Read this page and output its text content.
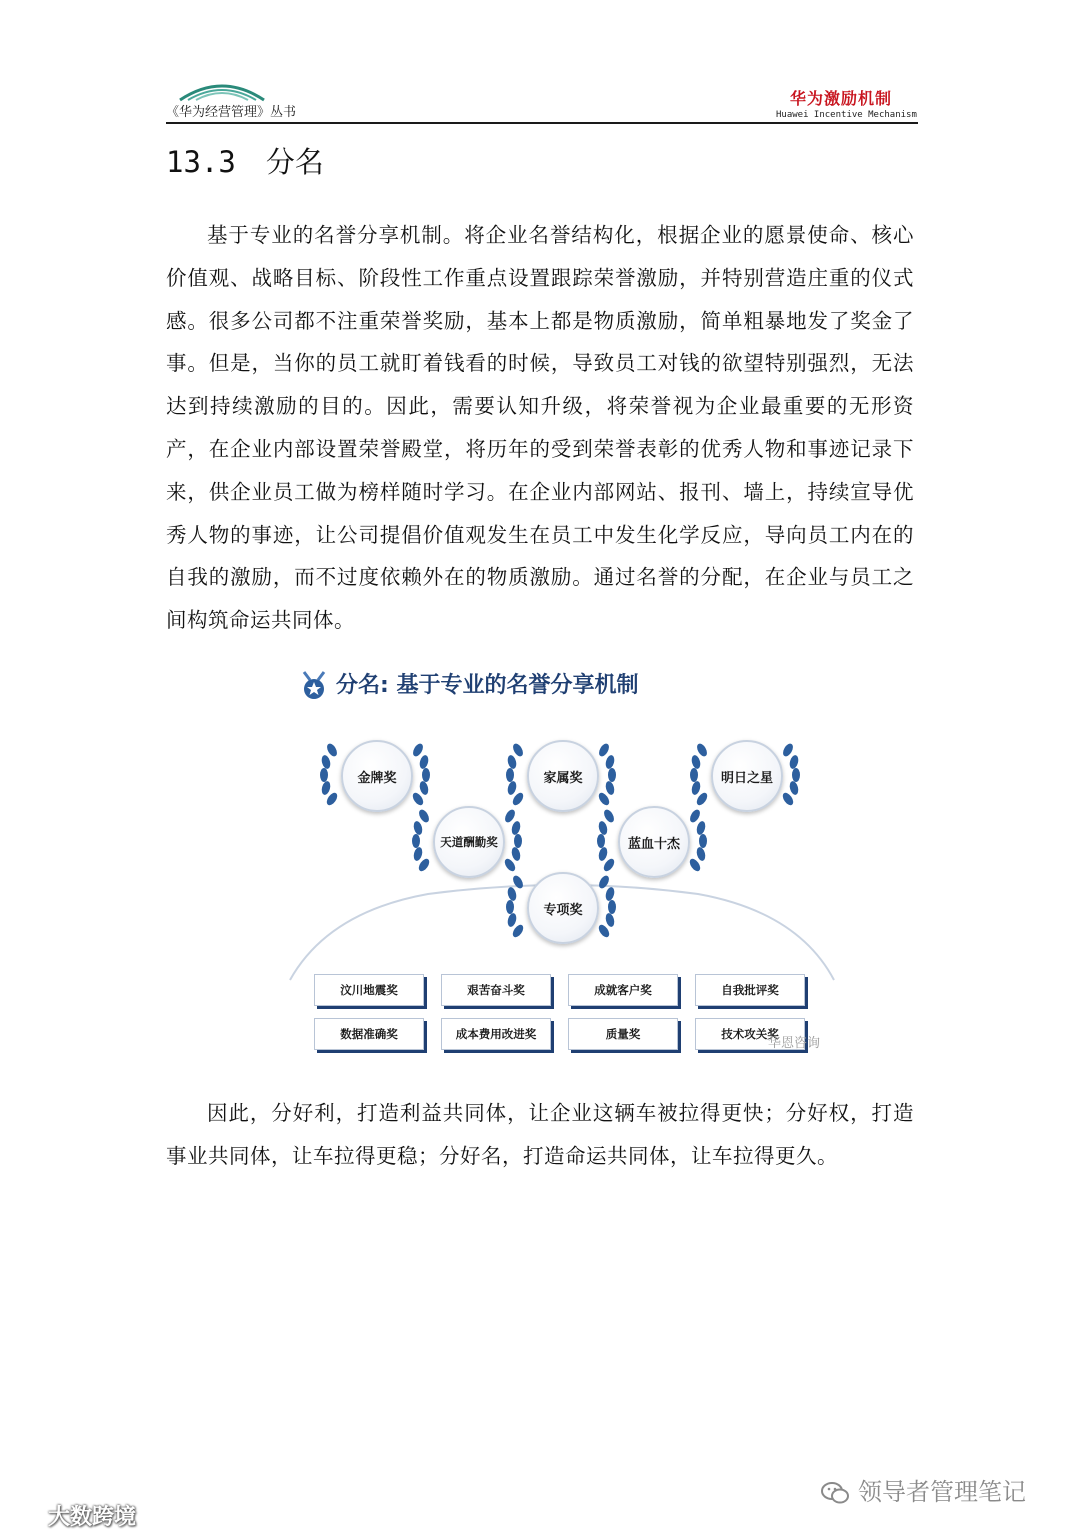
《华为经营管理》丛书
华为激励机制
Huawei Incentive Mechanism
13.3 分名

基于专业的名誉分享机制。将企业名誉结构化，根据企业的愿景使命、核心价值观、战略目标、阶段性工作重点设置跟踪荣誉激励，并特别营造庄重的仪式感。很多公司都不注重荣誉奖励，基本上都是物质激励，简单粗暴地发了奖金了事。但是，当你的员工就盯着钱看的时候，导致员工对钱的欲望特别强烈，无法达到持续激励的目的。因此，需要认知升级，将荣誉视为企业最重要的无形资产，在企业内部设置荣誉殿堂，将历年的受到荣誉表彰的优秀人物和事迹记录下来，供企业员工做为榜样随时学习。在企业内部网站、报刊、墙上，持续宣导优秀人物的事迹，让公司提倡价值观发生在员工中发生化学反应，导向员工内在的自我的激励，而不过度依赖外在的物质激励。通过名誉的分配，在企业与员工之间构筑命运共同体。

分名: 基于专业的名誉分享机制
金牌奖	家属奖	明日之星
天道酬勤奖	蓝血十杰
专项奖
汶川地震奖	艰苦奋斗奖	成就客户奖	自我批评奖
数据准确奖	成本费用改进奖	质量奖	技术攻关奖
华恩咨询

因此，分好利，打造利益共同体，让企业这辆车被拉得更快；分好权，打造事业共同体，让车拉得更稳；分好名，打造命运共同体，让车拉得更久。

领导者管理笔记
大数跨境
